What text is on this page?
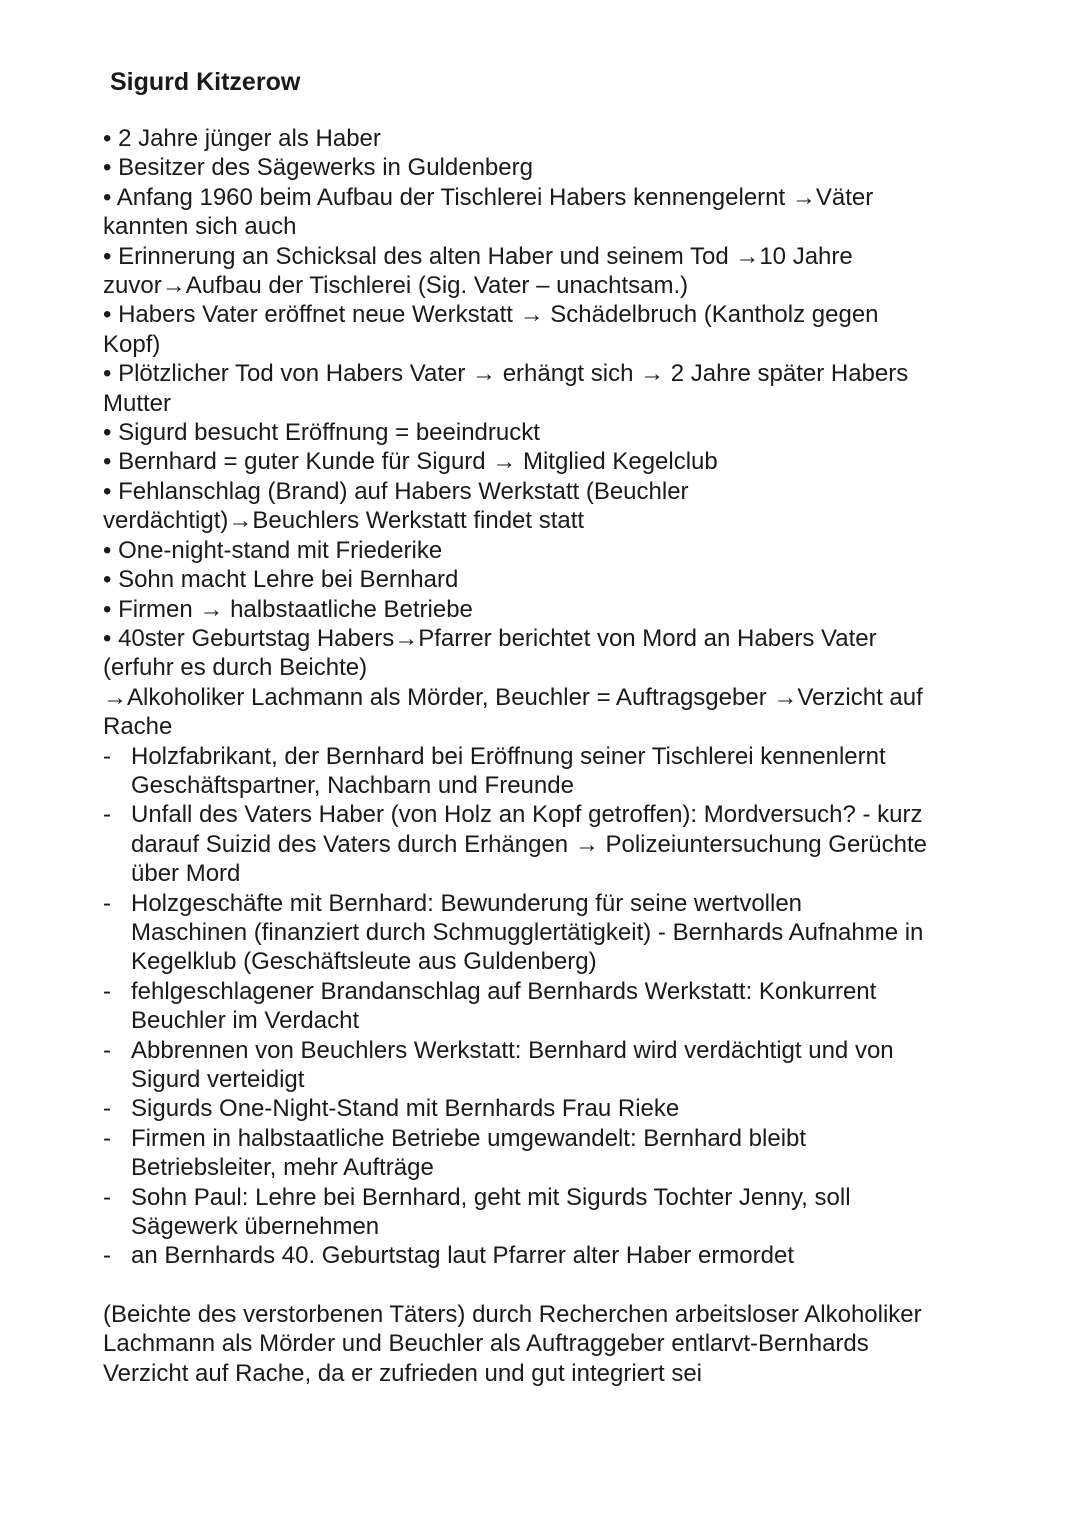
Sigurd Kitzerow
• 2 Jahre jünger als Haber
• Besitzer des Sägewerks in Guldenberg
• Anfang 1960 beim Aufbau der Tischlerei Habers kennengelernt →Väter
kannten sich auch
• Erinnerung an Schicksal des alten Haber und seinem Tod →10 Jahre
zuvor→Aufbau der Tischlerei (Sig. Vater – unachtsam.)
• Habers Vater eröffnet neue Werkstatt → Schädelbruch (Kantholz gegen
Kopf)
• Plötzlicher Tod von Habers Vater → erhängt sich → 2 Jahre später Habers
Mutter
• Sigurd besucht Eröffnung = beeindruckt
• Bernhard = guter Kunde für Sigurd → Mitglied Kegelclub
• Fehlanschlag (Brand) auf Habers Werkstatt (Beuchler
verdächtigt)→Beuchlers Werkstatt findet statt
• One-night-stand mit Friederike
• Sohn macht Lehre bei Bernhard
• Firmen → halbstaatliche Betriebe
• 40ster Geburtstag Habers→Pfarrer berichtet von Mord an Habers Vater
(erfuhr es durch Beichte)
→Alkoholiker Lachmann als Mörder, Beuchler = Auftragsgeber →Verzicht auf
Rache
- Holzfabrikant, der Bernhard bei Eröffnung seiner Tischlerei kennenlernt
Geschäftspartner, Nachbarn und Freunde
- Unfall des Vaters Haber (von Holz an Kopf getroffen): Mordversuch? - kurz
darauf Suizid des Vaters durch Erhängen → Polizeiuntersuchung Gerüchte
über Mord
- Holzgeschäfte mit Bernhard: Bewunderung für seine wertvollen
Maschinen (finanziert durch Schmugglertätigkeit) - Bernhards Aufnahme in
Kegelklub (Geschäftsleute aus Guldenberg)
- fehlgeschlagener Brandanschlag auf Bernhards Werkstatt: Konkurrent
Beuchler im Verdacht
- Abbrennen von Beuchlers Werkstatt: Bernhard wird verdächtigt und von
Sigurd verteidigt
- Sigurds One-Night-Stand mit Bernhards Frau Rieke
- Firmen in halbstaatliche Betriebe umgewandelt: Bernhard bleibt
Betriebsleiter, mehr Aufträge
- Sohn Paul: Lehre bei Bernhard, geht mit Sigurds Tochter Jenny, soll
Sägewerk übernehmen
- an Bernhards 40. Geburtstag laut Pfarrer alter Haber ermordet
(Beichte des verstorbenen Täters) durch Recherchen arbeitsloser Alkoholiker
Lachmann als Mörder und Beuchler als Auftraggeber entlarvt-Bernhards
Verzicht auf Rache, da er zufrieden und gut integriert sei
